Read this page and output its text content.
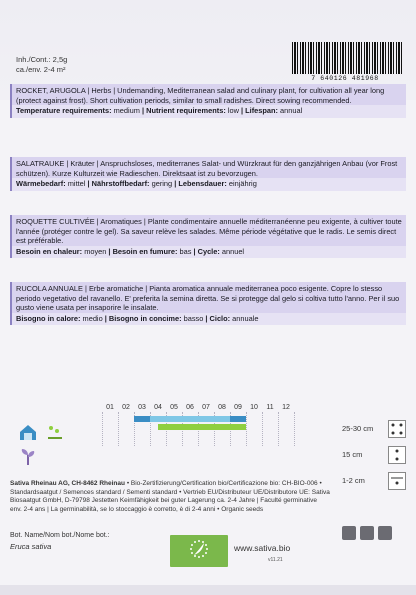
Inh./Cont.: 2,5g
ca./env. 2-4 m²
7 640126 481968
ROCKET, ARUGOLA | Herbs | Undemanding, Mediterranean salad and culinary plant, for cultivation all year long (protect against frost). Short cultivation periods, similar to small radishes. Direct sowing recommended.
Temperature requirements: medium | Nutrient requirements: low | Lifespan: annual
SALATRAUKE | Kräuter | Anspruchsloses, mediterranes Salat- und Würzkraut für den ganzjährigen Anbau (vor Frost schützen). Kurze Kulturzeit wie Radieschen. Direktsaat ist zu bevorzugen.
Wärmebedarf: mittel | Nährstoffbedarf: gering | Lebensdauer: einjährig
ROQUETTE CULTIVÉE | Aromatiques | Plante condimentaire annuelle méditerranéenne peu exigente, à cultiver toute l'année (protéger contre le gel). Sa saveur relève les salades. Même période végétative que le radis. Le semis direct est préférable.
Besoin en chaleur: moyen | Besoin en fumure: bas | Cycle: annuel
RUCOLA ANNUALE | Erbe aromatiche | Pianta aromatica annuale mediterranea poco esigente. Copre lo stesso periodo vegetativo del ravanello. E' preferita la semina diretta. Se si protegge dal gelo si coltiva tutto l'anno. Per il suo gusto viene usata per insaporire le insalate.
Bisogno in calore: medio | Bisogno in concime: basso | Ciclo: annuale

01	02	03	04	05	06	07	08	09	10	11	12
25-30 cm
15 cm
1-2 cm
Sativa Rheinau AG, CH-8462 Rheinau • Bio-Zertifizierung/Certification bio/Certificazione bio: CH-BIO-006 • Standardsaatgut / Semences standard / Sementi standard • Vertrieb EU/Distributeur UE/Distributore UE: Sativa Biosaatgut GmbH, D-79798 Jestetten Keimfähigkeit bei guter Lagerung ca. 2-4 Jahre | Faculté germinative env. 2-4 ans | La germinabilità, se lo stoccaggio è corretto, è di 2-4 anni • Organic seeds
Bot. Name/Nom bot./Nome bot.:
Eruca sativa	www.sativa.bio
v11.21
